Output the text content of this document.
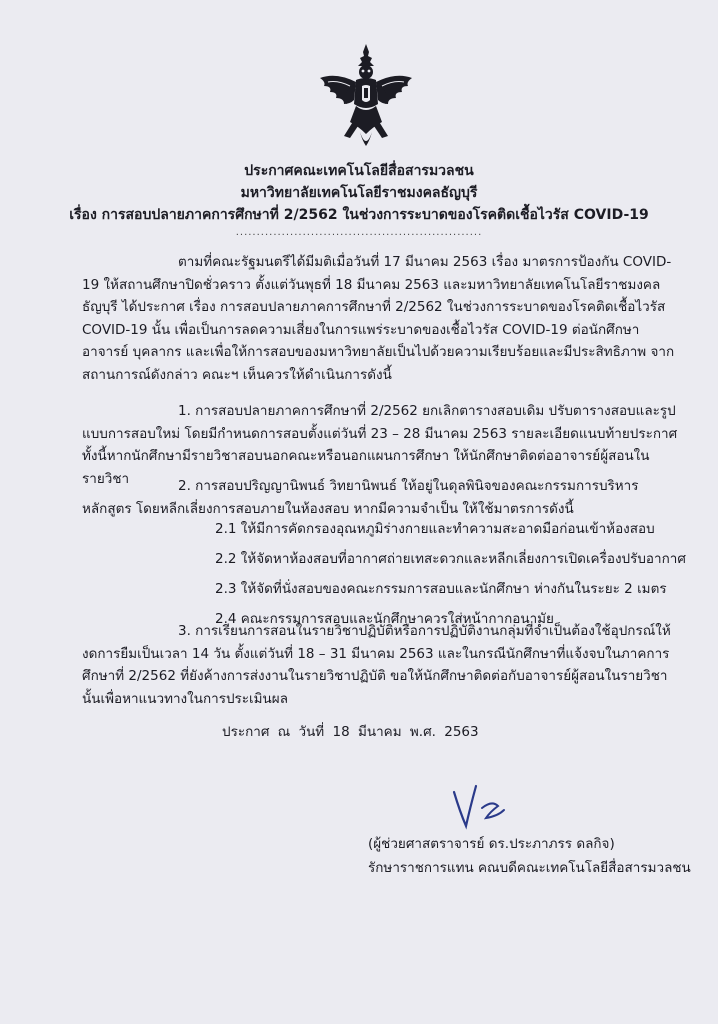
ประกาศคณะเทคโนโลยีสื่อสารมวลชน
มหาวิทยาลัยเทคโนโลยีราชมงคลธัญบุรี
เรื่อง การสอบปลายภาคการศึกษาที่ 2/2562 ในช่วงการระบาดของโรคติดเชื้อไวรัส COVID-19
...........................................................

ตามที่คณะรัฐมนตรีได้มีมติเมื่อวันที่ 17 มีนาคม 2563 เรื่อง มาตรการป้องกัน COVID-19 ให้สถานศึกษาปิดชั่วคราว ตั้งแต่วันพุธที่ 18 มีนาคม 2563 และมหาวิทยาลัยเทคโนโลยีราชมงคลธัญบุรี ได้ประกาศ เรื่อง การสอบปลายภาคการศึกษาที่ 2/2562 ในช่วงการระบาดของโรคติดเชื้อไวรัส COVID-19 นั้น เพื่อเป็นการลดความเสี่ยงในการแพร่ระบาดของเชื้อไวรัส COVID-19 ต่อนักศึกษา อาจารย์ บุคลากร และเพื่อให้การสอบของมหาวิทยาลัยเป็นไปด้วยความเรียบร้อยและมีประสิทธิภาพ จากสถานการณ์ดังกล่าว คณะฯ เห็นควรให้ดำเนินการดังนี้

1. การสอบปลายภาคการศึกษาที่ 2/2562 ยกเลิกตารางสอบเดิม ปรับตารางสอบและรูปแบบการสอบใหม่ โดยมีกำหนดการสอบตั้งแต่วันที่ 23 – 28 มีนาคม 2563 รายละเอียดแนบท้ายประกาศ ทั้งนี้หากนักศึกษามีรายวิชาสอบนอกคณะหรือนอกแผนการศึกษา ให้นักศึกษาติดต่ออาจารย์ผู้สอนในรายวิชา	2. การสอบปริญญานิพนธ์ วิทยานิพนธ์ ให้อยู่ในดุลพินิจของคณะกรรมการบริหารหลักสูตร โดยหลีกเลี่ยงการสอบภายในห้องสอบ หากมีความจำเป็น ให้ใช้มาตรการดังนี้

2.1 ให้มีการคัดกรองอุณหภูมิร่างกายและทำความสะอาดมือก่อนเข้าห้องสอบ
2.2 ให้จัดหาห้องสอบที่อากาศถ่ายเทสะดวกและหลีกเลี่ยงการเปิดเครื่องปรับอากาศ
2.3 ให้จัดที่นั่งสอบของคณะกรรมการสอบและนักศึกษา ห่างกันในระยะ 2 เมตร
2.4 คณะกรรมการสอบและนักศึกษาควรใส่หน้ากากอนามัย

3. การเรียนการสอนในรายวิชาปฏิบัติหรือการปฏิบัติงานกลุ่มที่จำเป็นต้องใช้อุปกรณ์ให้งดการยืมเป็นเวลา 14 วัน ตั้งแต่วันที่ 18 – 31 มีนาคม 2563 และในกรณีนักศึกษาที่แจ้งจบในภาคการศึกษาที่ 2/2562 ที่ยังค้างการส่งงานในรายวิชาปฏิบัติ ขอให้นักศึกษาติดต่อกับอาจารย์ผู้สอนในรายวิชานั้นเพื่อหาแนวทางในการประเมินผล

ประกาศ ณ วันที่ 18 มีนาคม พ.ศ. 2563
(ผู้ช่วยศาสตราจารย์ ดร.ประภาภรร ดลกิจ)
รักษาราชการแทน คณบดีคณะเทคโนโลยีสื่อสารมวลชน
